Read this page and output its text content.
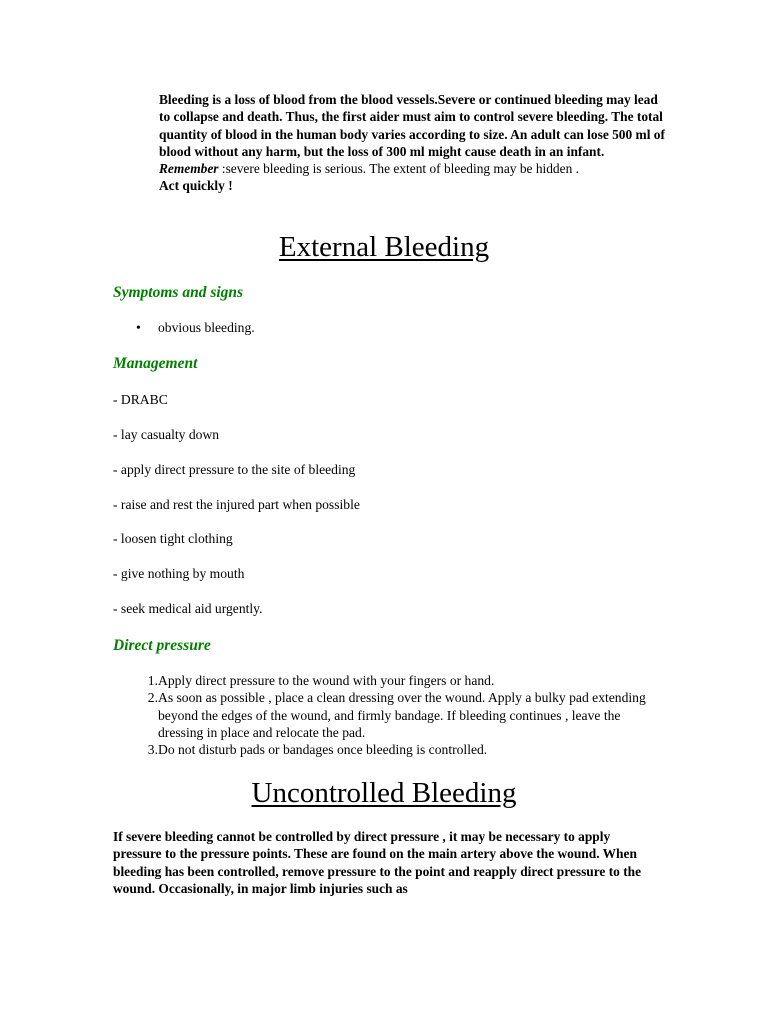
Bleeding is a loss of blood from the blood vessels.Severe or continued bleeding may lead to collapse and death. Thus, the first aider must aim to control severe bleeding. The total quantity of blood in the human body varies according to size. An adult can lose 500 ml of blood without any harm, but the loss of 300 ml might cause death in an infant.
Remember :severe bleeding is serious. The extent of bleeding may be hidden .
Act quickly !
External Bleeding
Symptoms and signs
• obvious bleeding.
Management
- DRABC
- lay casualty down
- apply direct pressure to the site of bleeding
- raise and rest the injured part when possible
- loosen tight clothing
- give nothing by mouth
- seek medical aid urgently.
Direct pressure
1. Apply direct pressure to the wound with your fingers or hand.
2. As soon as possible , place a clean dressing over the wound. Apply a bulky pad extending beyond the edges of the wound, and firmly bandage. If bleeding continues , leave the dressing in place and relocate the pad.
3. Do not disturb pads or bandages once bleeding is controlled.
Uncontrolled Bleeding
If severe bleeding cannot be controlled by direct pressure , it may be necessary to apply pressure to the pressure points. These are found on the main artery above the wound. When bleeding has been controlled, remove pressure to the point and reapply direct pressure to the wound. Occasionally, in major limb injuries such as
